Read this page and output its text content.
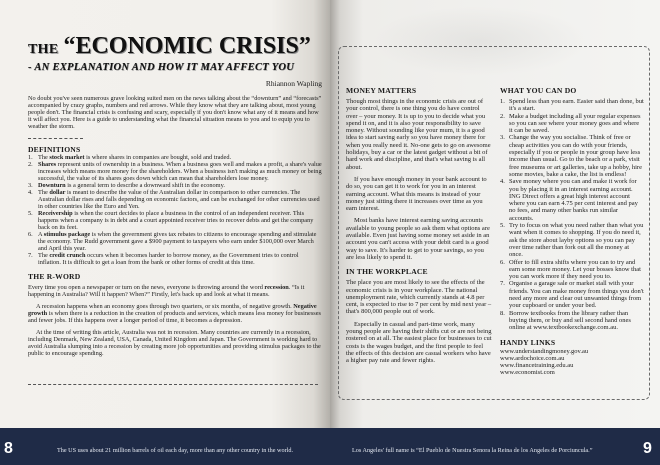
THE “ ECONOMIC CRISIS ”
- AN EXPLANATION AND HOW IT MAY AFFECT YOU
Rhiannon Wapling

No doubt you've seen numerous grave looking suited men on the news talking about the “downturn” and “forecasts” accompanied by crazy graphs, numbers and red arrows. While they know what they are talking about, most young people don't. The financial crisis is confusing and scary, especially if you don't know what any of it means and how it will affect you. Here is a guide to understanding what the financial situation means to you and to equip you to weather the storm.

DEFINITIONS
1. The stock market is where shares in companies are bought, sold and traded.
2. Shares represent units of ownership in a business. When a business goes well and makes a profit, a share's value increases which means more money for the shareholders. When a business isn't making as much money or being successful, the value of its shares goes down which can mean that shareholders lose money.
3. Downturn is a general term to describe a downward shift in the economy.
4. The dollar is meant to describe the value of the Australian dollar in comparison to other currencies. The Australian dollar rises and falls depending on economic factors, and can be exchanged for other currencies used in other countries like the Euro and Yen.
5. Receivership is when the court decides to place a business in the control of an independent receiver. This happens when a company is in debt and a court appointed receiver tries to recover debts and get the company back on its feet.
6. A stimulus package is when the government gives tax rebates to citizens to encourage spending and stimulate the economy. The Rudd government gave a $900 payment to taxpayers who earn under $100,000 over March and April this year.
7. The credit crunch occurs when it becomes harder to borrow money, as the Government tries to control inflation. It is difficult to get a loan from the bank or other forms of credit at this time.
THE R-WORD

Every time you open a newspaper or turn on the news, everyone is throwing around the word recession. “Is it happening in Australia? Will it happen? When?” Firstly, let's back up and look at what it means.

A recession happens when an economy goes through two quarters, or six months, of negative growth. Negative growth is when there is a reduction in the creation of products and services, which means less money for businesses and fewer jobs. If this happens over a longer period of time, it becomes a depression.

At the time of writing this article, Australia was not in recession. Many countries are currently in a recession, including Denmark, New Zealand, USA, Canada, United Kingdom and Japan. The Government is working hard to avoid Australia slumping into a recession by creating more job opportunities and providing stimulus packages to the public to encourage spending.

MONEY MATTERS

Though most things in the economic crisis are out of your control, there is one thing you do have control over – your money. It is up to you to decide what you spend it on, and it is also your responsibility to save money. Without sounding like your mum, it is a good idea to start saving early so you have money there for when you really need it. No-one gets to go on awesome holidays, buy a car or the latest gadget without a bit of hard work and discipline, and that's what saving is all about.

If you have enough money in your bank account to do so, you can get it to work for you in an interest earning account. What this means is instead of your money just sitting there it increases over time as you earn interest.

Most banks have interest earning saving accounts available to young people so ask them what options are available. Even just having some money set aside in an account you can't access with your debit card is a good way to save. It's harder to get to your savings, so you are less likely to spend it.

IN THE WORKPLACE

The place you are most likely to see the effects of the economic crisis is in your workplace. The national unemployment rate, which currently stands at 4.8 per cent, is expected to rise to 7 per cent by mid next year – that's 800,000 people out of work.

Especially in casual and part-time work, many young people are having their shifts cut or are not being rostered on at all. The easiest place for businesses to cut costs is the wages budget, and the first people to feel the effects of this decision are casual workers who have a higher pay rate and fewer rights.

WHAT YOU CAN DO
1. Spend less than you earn. Easier said than done, but it's a start.
2. Make a budget including all your regular expenses so you can see where your money goes and where it can be saved.
3. Change the way you socialise. Think of free or cheap activities you can do with your friends, especially if you or people in your group have less income than usual. Go to the beach or a park, visit free museums or art galleries, take up a hobby, hire some movies, bake a cake, the list is endless!
4. Save money where you can and make it work for you by placing it in an interest earning account. ING Direct offers a great high interest account where you can earn 4.75 per cent interest and pay no fees, and many other banks run similar accounts.
5. Try to focus on what you need rather than what you want when it comes to shopping. If you do need it, ask the store about layby options so you can pay over time rather than fork out all the money at once.
6. Offer to fill extra shifts where you can to try and earn some more money. Let your bosses know that you can work more if they need you to.
7. Organise a garage sale or market stall with your friends. You can make money from things you don't need any more and clear out unwanted things from your cupboard or under your bed.
8. Borrow textbooks from the library rather than buying them, or buy and sell second hand ones online at www.textbookexchange.com.au.
HANDY LINKS
www.understandingmoney.gov.au
www.ardochoice.com.au
www.financetraining.edu.au
www.economist.com
8	The US uses about 21 million barrels of oil each day, more than any other country in the world.	Los Angeles' full name is “El Pueblo de Nuestra Senora la Reina de los Angeles de Porciuncula.”	9
